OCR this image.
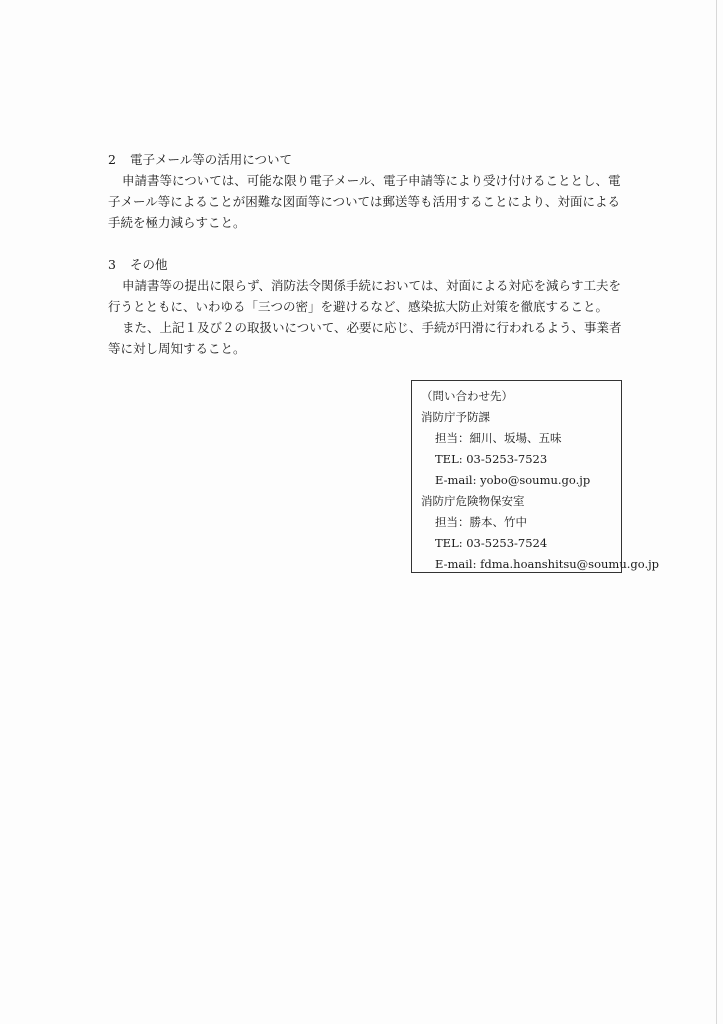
2 電子メール等の活用について
申請書等については、可能な限り電子メール、電子申請等により受け付けることとし、電
子メール等によることが困難な図面等については郵送等も活用することにより、対面による
手続を極力減らすこと。
3 その他
申請書等の提出に限らず、消防法令関係手続においては、対面による対応を減らす工夫を
行うとともに、いわゆる「三つの密」を避けるなど、感染拡大防止対策を徹底すること。
また、上記１及び２の取扱いについて、必要に応じ、手続が円滑に行われるよう、事業者
等に対し周知すること。
（問い合わせ先）
消防庁予防課
担当：細川、坂場、五味
TEL: 03-5253-7523
E-mail: yobo@soumu.go.jp
消防庁危険物保安室
担当：勝本、竹中
TEL: 03-5253-7524
E-mail: fdma.hoanshitsu@soumu.go.jp
